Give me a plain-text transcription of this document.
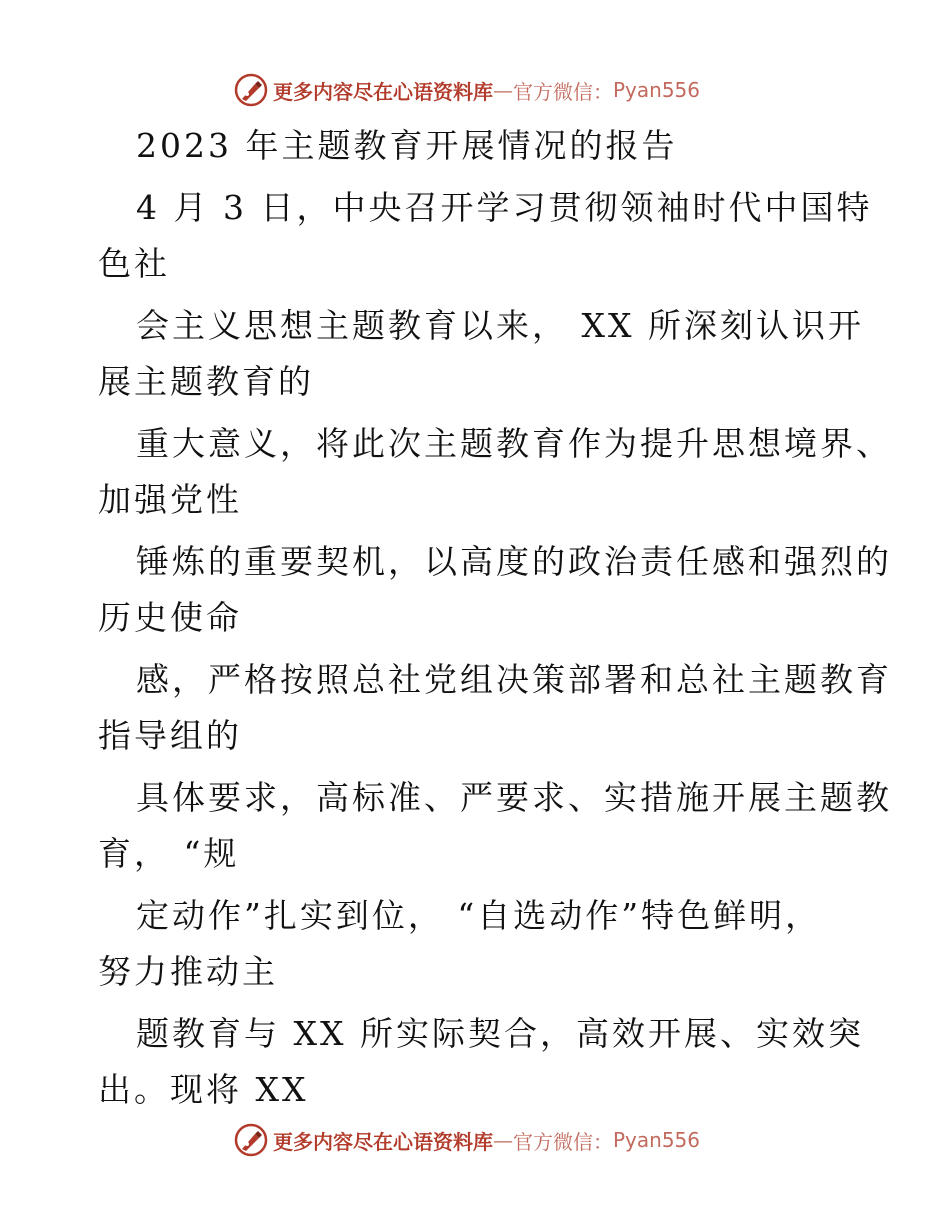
更多内容尽在心语资料库 — 官方微信： Pyan556
2023 年主题教育开展情况的报告
4 月 3 日，中央召开学习贯彻领袖时代中国特
色社
会主义思想主题教育以来， XX 所深刻认识开
展主题教育的
重大意义，将此次主题教育作为提升思想境界、
加强党性
锤炼的重要契机，以高度的政治责任感和强烈的
历史使命
感，严格按照总社党组决策部署和总社主题教育
指导组的
具体要求，高标准、严要求、实措施开展主题教
育， “规
定动作”扎实到位， “自选动作”特色鲜明，
努力推动主
题教育与 XX 所实际契合，高效开展、实效突
出。现将 XX
更多内容尽在心语资料库 — 官方微信： Pyan556
